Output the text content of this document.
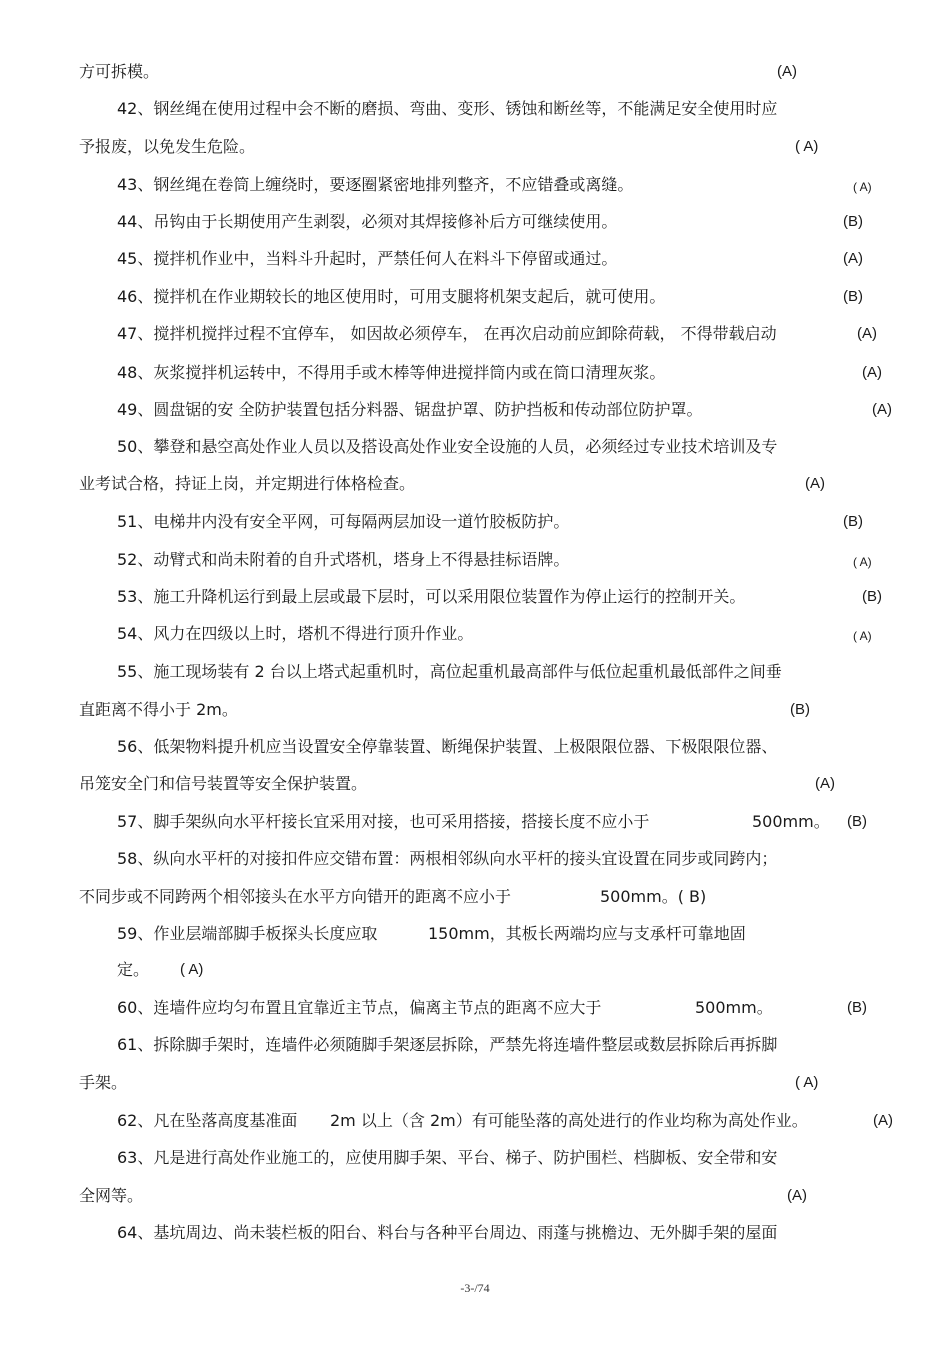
方可拆模。	(A)
42、钢丝绳在使用过程中会不断的磨损、弯曲、变形、锈蚀和断丝等，不能满足安全使用时应
予报废，以免发生危险。	( A)
43、钢丝绳在卷筒上缠绕时，要逐圈紧密地排列整齐，不应错叠或离缝。	( A)
44、吊钩由于长期使用产生剥裂，必须对其焊接修补后方可继续使用。	(B)
45、搅拌机作业中，当料斗升起时，严禁任何人在料斗下停留或通过。	(A)
46、搅拌机在作业期较长的地区使用时，可用支腿将机架支起后，就可使用。	(B)
47、搅拌机搅拌过程不宜停车， 如因故必须停车， 在再次启动前应卸除荷载， 不得带载启动	(A)
48、灰浆搅拌机运转中，不得用手或木棒等伸进搅拌筒内或在筒口清理灰浆。	(A)
49、圆盘锯的安 全防护装置包括分料器、锯盘护罩、防护挡板和传动部位防护罩。	(A)
50、攀登和悬空高处作业人员以及搭设高处作业安全设施的人员，必须经过专业技术培训及专
业考试合格，持证上岗，并定期进行体格检查。	(A)
51、电梯井内没有安全平网，可每隔两层加设一道竹胶板防护。	(B)
52、动臂式和尚未附着的自升式塔机，塔身上不得悬挂标语牌。	( A)
53、施工升降机运行到最上层或最下层时，可以采用限位装置作为停止运行的控制开关。	(B)
54、风力在四级以上时，塔机不得进行顶升作业。	( A)
55、施工现场装有 2 台以上塔式起重机时，高位起重机最高部件与低位起重机最低部件之间垂
直距离不得小于 2m。	(B)
56、低架物料提升机应当设置安全停靠装置、断绳保护装置、上极限限位器、下极限限位器、
吊笼安全门和信号装置等安全保护装置。	(A)
57、脚手架纵向水平杆接长宜采用对接，也可采用搭接，搭接长度不应小于	500mm。 (B)
58、纵向水平杆的对接扣件应交错布置：两根相邻纵向水平杆的接头宜设置在同步或同跨内；
不同步或不同跨两个相邻接头在水平方向错开的距离不应小于	500mm。( B)
59、作业层端部脚手板探头长度应取	150mm，其板长两端均应与支承杆可靠地固
定。 ( A)
60、连墙件应均匀布置且宜靠近主节点，偏离主节点的距离不应大于	500mm。	(B)
61、拆除脚手架时，连墙件必须随脚手架逐层拆除，严禁先将连墙件整层或数层拆除后再拆脚
手架。	( A)
62、凡在坠落高度基准面 2m 以上（含 2m）有可能坠落的高处进行的作业均称为高处作业。	(A)
63、凡是进行高处作业施工的，应使用脚手架、平台、梯子、防护围栏、档脚板、安全带和安
全网等。	(A)
64、基坑周边、尚未装栏板的阳台、料台与各种平台周边、雨蓬与挑檐边、无外脚手架的屋面
-3-/74
